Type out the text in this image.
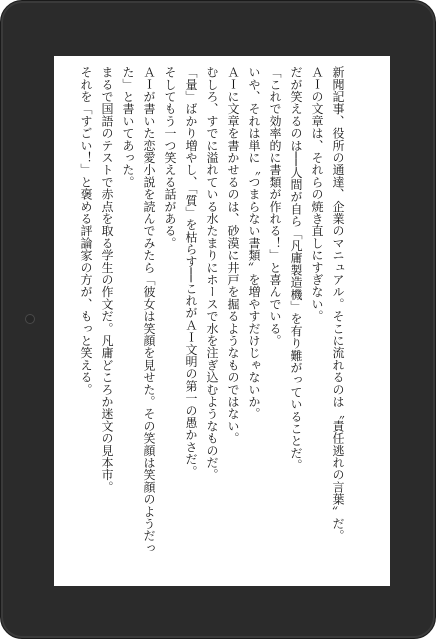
新聞記事、役所の通達、企業のマニュアル。そこに流れるのは〝責任逃れの言葉〟だ。

ＡＩの文章は、それらの焼き直しにすぎない。

だが笑えるのは──人間が自ら「凡庸製造機」を有り難がっていることだ。

「これで効率的に書類が作れる！」と喜んでいる。

いや、それは単に〝つまらない書類〟を増やすだけじゃないか。

ＡＩに文章を書かせるのは、砂漠に井戸を掘るようなものではない。

むしろ、すでに溢れている水たまりにホースで水を注ぎ込むようなものだ。

「量」ばかり増やし、「質」を枯らす──これがＡＩ文明の第一の愚かさだ。

そしてもう一つ笑える話がある。

ＡＩが書いた恋愛小説を読んでみたら「彼女は笑顔を見せた。その笑顔は笑顔のようだった」と書いてあった。

まるで国語のテストで赤点を取る学生の作文だ。凡庸どころか迷文の見本市。

それを「すごい！」と褒める評論家の方が、もっと笑える。
